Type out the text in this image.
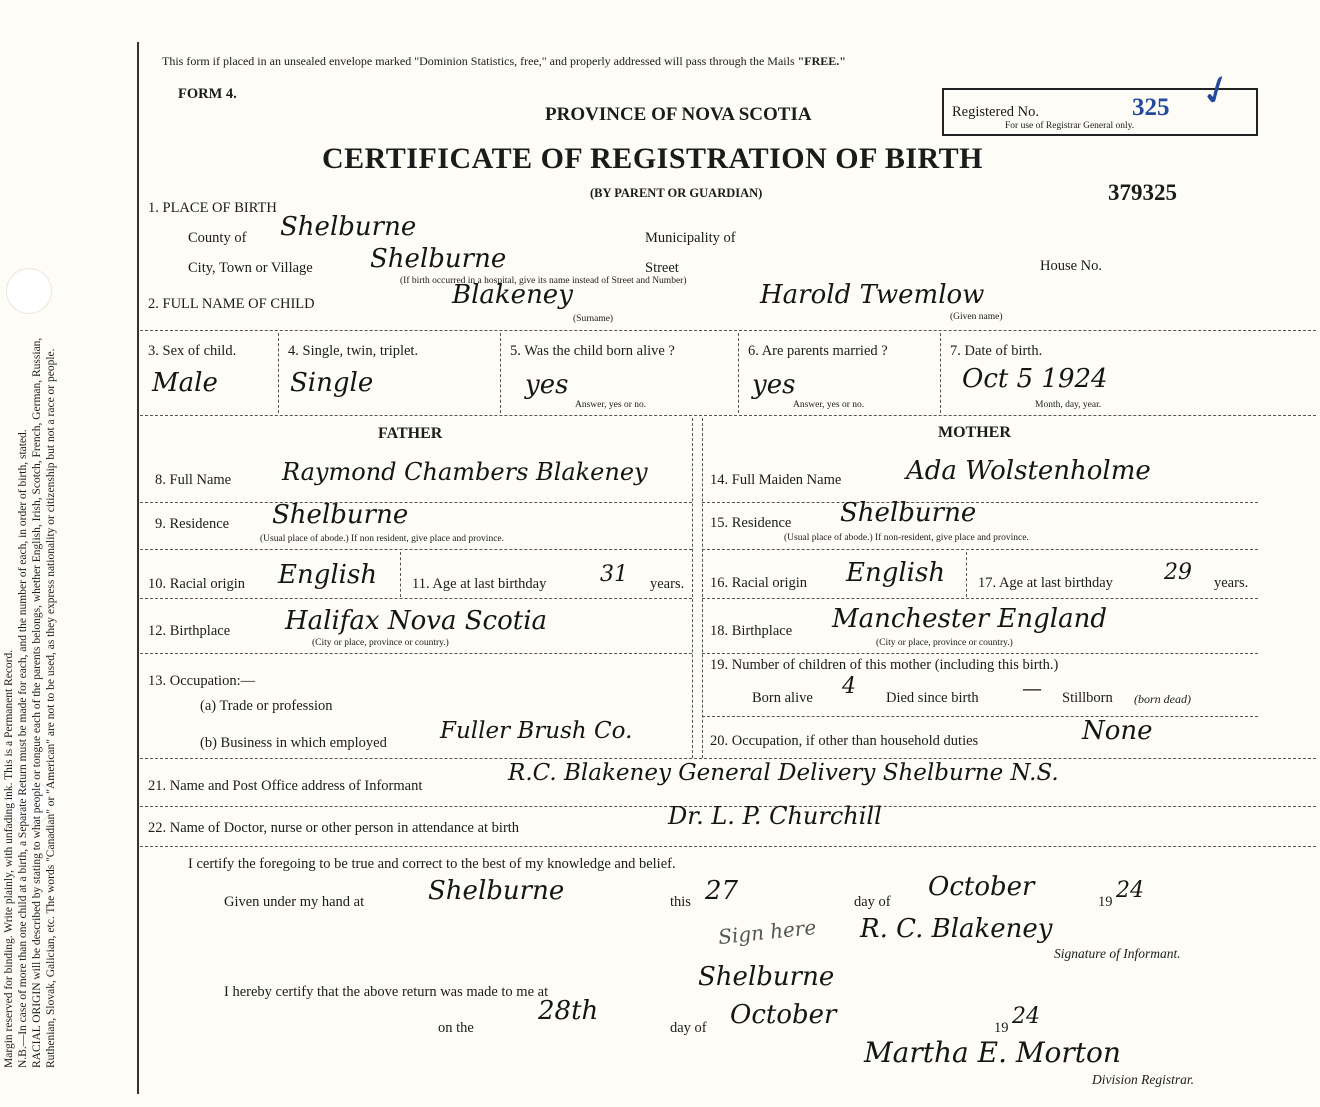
Margin reserved for binding. Write plainly, with unfading ink. This is a Permanent Record. N.B.—In case of more than one child at a birth, a Separate Return must be made for each, and the number of each, in order of birth, stated. RACIAL ORIGIN will be described by stating to what people or tongue each of the parents belongs, whether English, Irish, Scotch, French, German, Russian, Ruthenian, Slovak, Galician, etc. The words "Canadian" or "American" are not to be used, as they express nationality or citizenship but not a race or people.
This form if placed in an unsealed envelope marked "Dominion Statistics, free," and properly addressed will pass through the Mails "FREE."
FORM 4.
PROVINCE OF NOVA SCOTIA	Registered No.	325
For use of Registrar General only.
✓
CERTIFICATE OF REGISTRATION OF BIRTH
(BY PARENT OR GUARDIAN)	379325
1. PLACE OF BIRTH
County of Shelburne	Municipality of
City, Town or Village Shelburne	Street	House No.
(If birth occurred in a hospital, give its name instead of Street and Number)
2. FULL NAME OF CHILD	Blakeney
(Surname)
Harold Twemlow
(Given name)
3. Sex of child.
Male
4. Single, twin, triplet.
Single
5. Was the child born alive ?
yes
Answer, yes or no.
6. Are parents married ?
yes
Answer, yes or no.
7. Date of birth.
Oct 5 1924
Month, day, year.
FATHER	MOTHER
8. Full Name Raymond Chambers Blakeney
9. Residence Shelburne
(Usual place of abode.) If non resident, give place and province.
10. Racial origin English 11. Age at last birthday 31 years.
12. Birthplace Halifax Nova Scotia
(City or place, province or country.)
13. Occupation:—
(a) Trade or profession
(b) Business in which employed Fuller Brush Co.
14. Full Maiden Name Ada Wolstenholme
15. Residence Shelburne
(Usual place of abode.) If non-resident, give place and province.
16. Racial origin English 17. Age at last birthday 29 years.
18. Birthplace Manchester England
(City or place, province or country.)
19. Number of children of this mother (including this birth.)
Born alive 4 Died since birth — Stillborn (born dead)
20. Occupation, if other than household duties	None
21. Name and Post Office address of Informant	R.C. Blakeney General Delivery Shelburne N.S.
22. Name of Doctor, nurse or other person in attendance at birth	Dr. L. P. Churchill
I certify the foregoing to be true and correct to the best of my knowledge and belief.
Given under my hand at Shelburne	this 27	day of October	19 24
Sign here R. C. Blakeney
Signature of Informant.
I hereby certify that the above return was made to me at	Shelburne
on the
28th
day of October	19 24
Martha E. Morton
Division Registrar.
